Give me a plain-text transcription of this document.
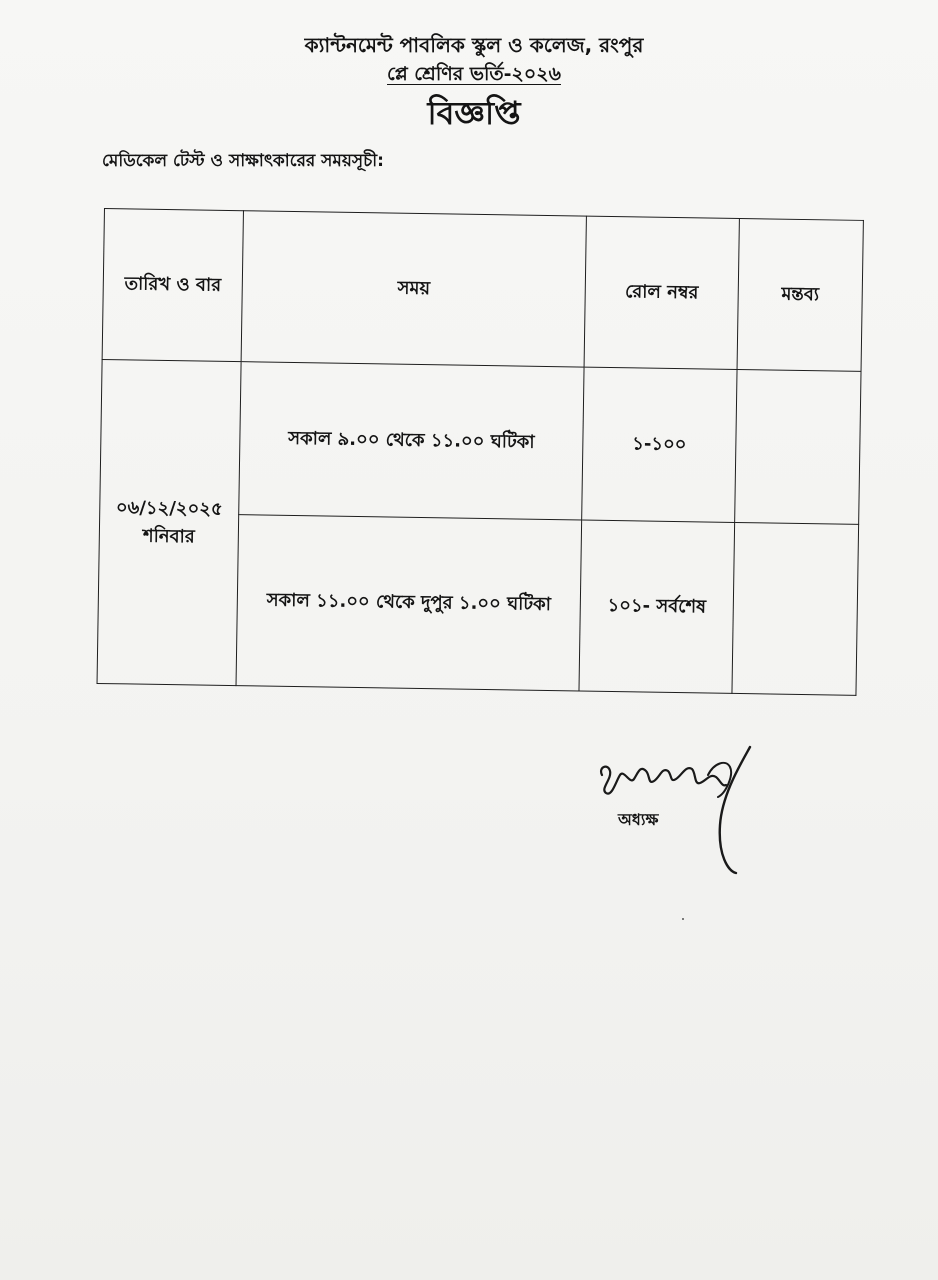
ক্যান্টনমেন্ট পাবলিক স্কুল ও কলেজ, রংপুর
প্লে শ্রেণির ভর্তি-২০২৬
বিজ্ঞপ্তি
মেডিকেল টেস্ট ও সাক্ষাৎকারের সময়সূচী:
তারিখ ও বার	সময়	রোল নম্বর	মন্তব্য

০৬/১২/২০২৫
শনিবার	সকাল ৯.০০ থেকে ১১.০০ ঘটিকা	১-১০০	
	সকাল ১১.০০ থেকে দুপুর ১.০০ ঘটিকা	১০১- সর্বশেষ	
অধ্যক্ষ
